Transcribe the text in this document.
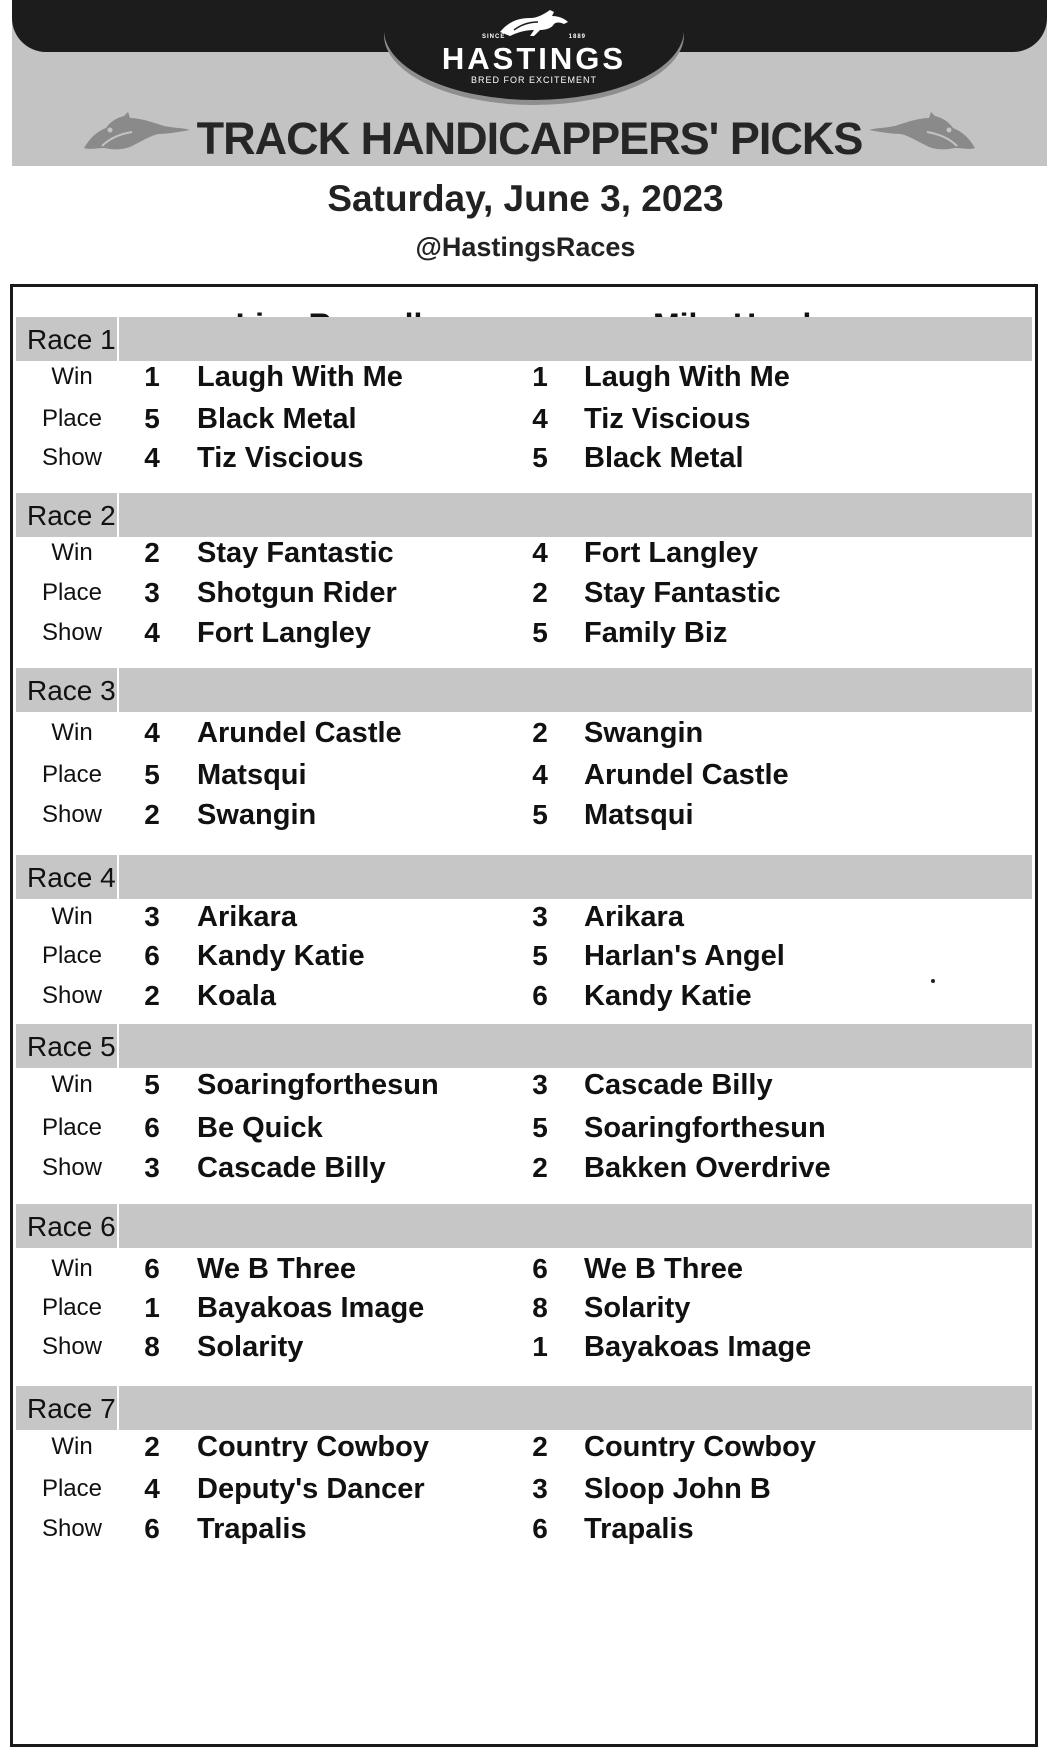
SINCE	1889
HASTINGS
BRED FOR EXCITEMENT
TRACK HANDICAPPERS' PICKS
Saturday, June 3, 2023
@HastingsRaces
Race 1
Win	1 Laugh With Me	1 Laugh With Me
Place	5 Black Metal	4 Tiz Viscious
Show	4 Tiz Viscious	5 Black Metal
Race 2
Win	2 Stay Fantastic	4 Fort Langley
Place	3 Shotgun Rider	2 Stay Fantastic
Show	4 Fort Langley	5 Family Biz
Race 3
Win	4 Arundel Castle	2 Swangin
Place	5 Matsqui	4 Arundel Castle
Show	2 Swangin	5 Matsqui
Race 4
Win	3 Arikara	3 Arikara
Place	6 Kandy Katie	5 Harlan's Angel
Show	2 Koala	6 Kandy Katie
Race 5
Win	5 Soaringforthesun	3 Cascade Billy
Place	6 Be Quick	5 Soaringforthesun
Show	3 Cascade Billy	2 Bakken Overdrive
Race 6
Win	6 We B Three	6 We B Three
Place	1 Bayakoas Image	8 Solarity
Show	8 Solarity	1 Bayakoas Image
Race 7
Win	2 Country Cowboy	2 Country Cowboy
Place	4 Deputy's Dancer	3 Sloop John B
Show	6 Trapalis	6 Trapalis
